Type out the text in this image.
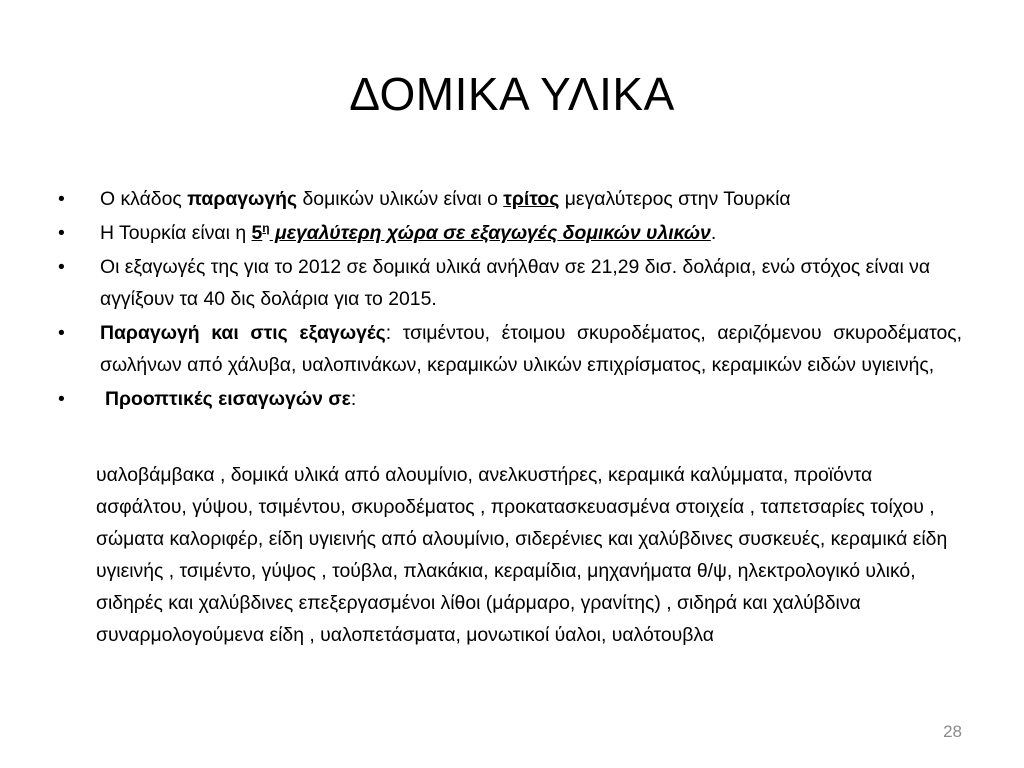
ΔΟΜΙΚΑ ΥΛΙΚΑ
•	Ο κλάδος παραγωγής δομικών υλικών είναι ο τρίτος μεγαλύτερος στην Τουρκία
•	Η Τουρκία είναι η $5^\eta$ μεγαλύτερη χώρα σε εξαγωγές δομικών υλικών.
•	Οι εξαγωγές της για το 2012 σε δομικά υλικά ανήλθαν σε 21,29 δισ. δολάρια, ενώ στόχος είναι να αγγίξουν τα 40 δις δολάρια για το 2015.
•	Παραγωγή και στις εξαγωγές: τσιμέντου, έτοιμου σκυροδέματος, αεριζόμενου σκυροδέματος, σωλήνων από χάλυβα, υαλοπινάκων, κεραμικών υλικών επιχρίσματος, κεραμικών ειδών υγιεινής,
•	Προοπτικές εισαγωγών σε:

υαλοβάμβακα , δομικά υλικά από αλουμίνιο, ανελκυστήρες, κεραμικά καλύμματα, προϊόντα ασφάλτου, γύψου, τσιμέντου, σκυροδέματος , προκατασκευασμένα στοιχεία , ταπετσαρίες τοίχου , σώματα καλοριφέρ, είδη υγιεινής από αλουμίνιο, σιδερένιες και χαλύβδινες συσκευές, κεραμικά είδη υγιεινής , τσιμέντο, γύψος , τούβλα, πλακάκια, κεραμίδια, μηχανήματα θ/ψ, ηλεκτρολογικό υλικό, σιδηρές και χαλύβδινες επεξεργασμένοι λίθοι (μάρμαρο, γρανίτης) , σιδηρά και χαλύβδινα συναρμολογούμενα είδη , υαλοπετάσματα, μονωτικοί ύαλοι, υαλότουβλα

28
